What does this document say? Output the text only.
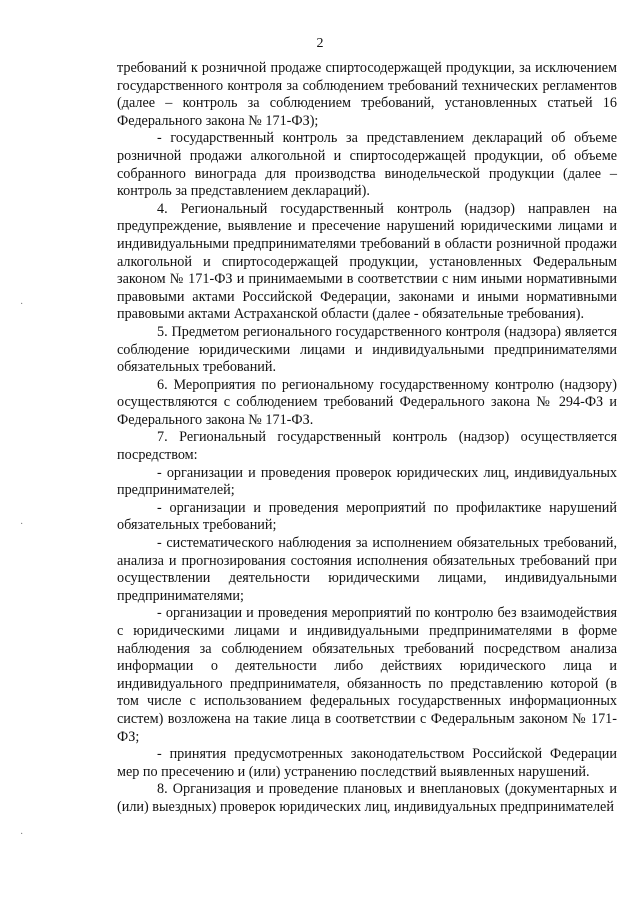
2
·
·
·

требований к розничной продаже спиртосодержащей продукции, за исключением государственного контроля за соблюдением требований технических регламентов (далее – контроль за соблюдением требований, установленных статьей 16 Федерального закона № 171-ФЗ);

- государственный контроль за представлением деклараций об объеме розничной продажи алкогольной и спиртосодержащей продукции, об объеме собранного винограда для производства винодельческой продукции (далее – контроль за представлением деклараций).

4. Региональный государственный контроль (надзор) направлен на предупреждение, выявление и пресечение нарушений юридическими лицами и индивидуальными предпринимателями требований в области розничной продажи алкогольной и спиртосодержащей продукции, установленных Федеральным законом № 171-ФЗ и принимаемыми в соответствии с ним иными нормативными правовыми актами Российской Федерации, законами и иными нормативными правовыми актами Астраханской области (далее - обязательные требования).

5. Предметом регионального государственного контроля (надзора) является соблюдение юридическими лицами и индивидуальными предпринимателями обязательных требований.

6. Мероприятия по региональному государственному контролю (надзору) осуществляются с соблюдением требований Федерального закона № 294-ФЗ и Федерального закона № 171-ФЗ.

7. Региональный государственный контроль (надзор) осуществляется посредством:

- организации и проведения проверок юридических лиц, индивидуальных предпринимателей;

- организации и проведения мероприятий по профилактике нарушений обязательных требований;

- систематического наблюдения за исполнением обязательных требований, анализа и прогнозирования состояния исполнения обязательных требований при осуществлении деятельности юридическими лицами, индивидуальными предпринимателями;

- организации и проведения мероприятий по контролю без взаимодействия с юридическими лицами и индивидуальными предпринимателями в форме наблюдения за соблюдением обязательных требований посредством анализа информации о деятельности либо действиях юридического лица и индивидуального предпринимателя, обязанность по представлению которой (в том числе с использованием федеральных государственных информационных систем) возложена на такие лица в соответствии с Федеральным законом № 171-ФЗ;

- принятия предусмотренных законодательством Российской Федерации мер по пресечению и (или) устранению последствий выявленных нарушений.

8. Организация и проведение плановых и внеплановых (документарных и (или) выездных) проверок юридических лиц, индивидуальных предпринимателей
